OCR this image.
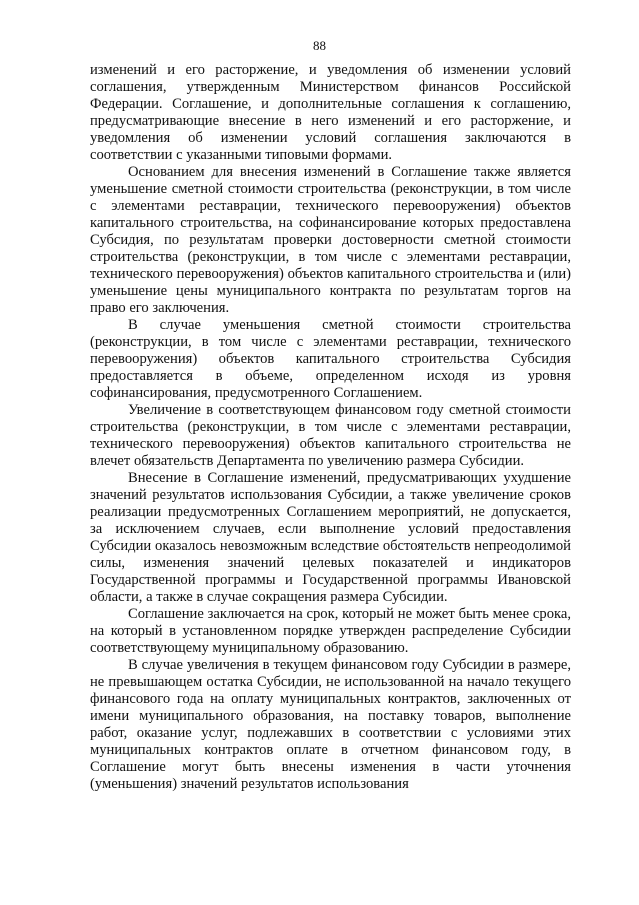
88

изменений и его расторжение, и уведомления об изменении условий соглашения, утвержденным Министерством финансов Российской Федерации. Соглашение, и дополнительные соглашения к соглашению, предусматривающие внесение в него изменений и его расторжение, и уведомления об изменении условий соглашения заключаются в соответствии с указанными типовыми формами.

Основанием для внесения изменений в Соглашение также является уменьшение сметной стоимости строительства (реконструкции, в том числе с элементами реставрации, технического перевооружения) объектов капитального строительства, на софинансирование которых предоставлена Субсидия, по результатам проверки достоверности сметной стоимости строительства (реконструкции, в том числе с элементами реставрации, технического перевооружения) объектов капитального строительства и (или) уменьшение цены муниципального контракта по результатам торгов на право его заключения.

В случае уменьшения сметной стоимости строительства (реконструкции, в том числе с элементами реставрации, технического перевооружения) объектов капитального строительства Субсидия предоставляется в объеме, определенном исходя из уровня софинансирования, предусмотренного Соглашением.

Увеличение в соответствующем финансовом году сметной стоимости строительства (реконструкции, в том числе с элементами реставрации, технического перевооружения) объектов капитального строительства не влечет обязательств Департамента по увеличению размера Субсидии.

Внесение в Соглашение изменений, предусматривающих ухудшение значений результатов использования Субсидии, а также увеличение сроков реализации предусмотренных Соглашением мероприятий, не допускается, за исключением случаев, если выполнение условий предоставления Субсидии оказалось невозможным вследствие обстоятельств непреодолимой силы, изменения значений целевых показателей и индикаторов Государственной программы и Государственной программы Ивановской области, а также в случае сокращения размера Субсидии.

Соглашение заключается на срок, который не может быть менее срока, на который в установленном порядке утвержден распределение Субсидии соответствующему муниципальному образованию.

В случае увеличения в текущем финансовом году Субсидии в размере, не превышающем остатка Субсидии, не использованной на начало текущего финансового года на оплату муниципальных контрактов, заключенных от имени муниципального образования, на поставку товаров, выполнение работ, оказание услуг, подлежавших в соответствии с условиями этих муниципальных контрактов оплате в отчетном финансовом году, в Соглашение могут быть внесены изменения в части уточнения (уменьшения) значений результатов использования
